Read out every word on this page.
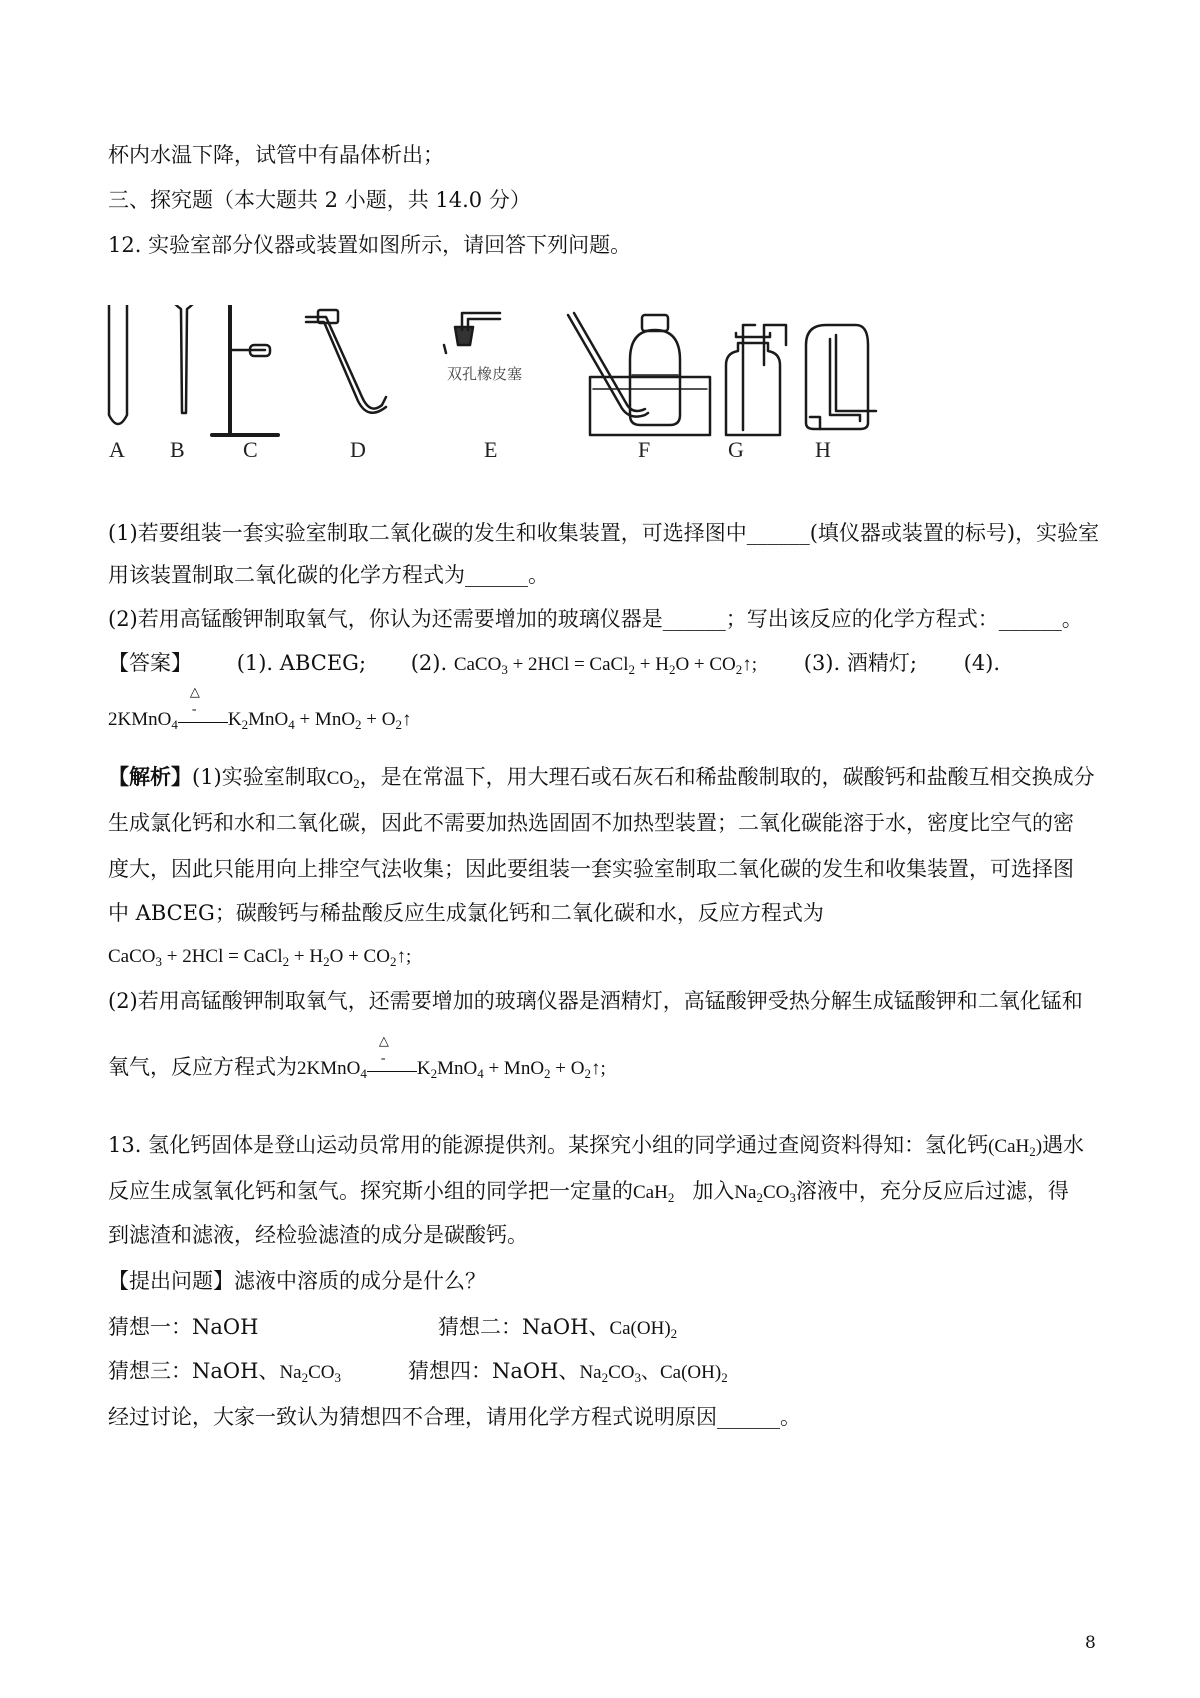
杯内水温下降，试管中有晶体析出；
三、探究题（本大题共 2 小题，共 14.0 分）
12. 实验室部分仪器或装置如图所示，请回答下列问题。
双孔橡皮塞
A B	C	D	E	F	G	H
(1)若要组装一套实验室制取二氧化碳的发生和收集装置，可选择图中______(填仪器或装置的标号)，实验室
用该装置制取二氧化碳的化学方程式为______。
(2)若用高锰酸钾制取氧气，你认为还需要增加的玻璃仪器是______；写出该反应的化学方程式：______。
【答案】 (1). ABCEG; (2). CaCO$_3$ + 2HCl = CaCl$_2$ + $H_2O$ + $CO_2↑$; (3). 酒精灯; (4).
2KMnO$_4$
△
- $K_2MnO_4 + MnO_2$ + $O_2↑$
【解析】(1)实验室制取$CO_2$，是在常温下，用大理石或石灰石和稀盐酸制取的，碳酸钙和盐酸互相交换成分
生成氯化钙和水和二氧化碳，因此不需要加热选固固不加热型装置；二氧化碳能溶于水，密度比空气的密
度大，因此只能用向上排空气法收集；因此要组装一套实验室制取二氧化碳的发生和收集装置，可选择图
中 ABCEG；碳酸钙与稀盐酸反应生成氯化钙和二氧化碳和水，反应方程式为
CaCO$_3$ + 2HCl = CaCl$_2$ + $H_2O$ + $CO_2↑$;
(2)若用高锰酸钾制取氧气，还需要增加的玻璃仪器是酒精灯，高锰酸钾受热分解生成锰酸钾和二氧化锰和
氧气，反应方程式为2KMnO$_4$
△
- $K_2MnO_4 + MnO_2$ + $O_2↑$;
13. 氢化钙固体是登山运动员常用的能源提供剂。某探究小组的同学通过查阅资料得知：氢化钙(CaH$_2$)遇水
反应生成氢氧化钙和氢气。探究斯小组的同学把一定量的CaH$_2$ 加入$Na_2CO_3$溶液中，充分反应后过滤，得
到滤渣和滤液，经检验滤渣的成分是碳酸钙。
【提出问题】滤液中溶质的成分是什么？
猜想一：NaOH	猜想二：NaOH、$Ca(OH)_2$
猜想三：NaOH、$Na_2CO_3$	猜想四：NaOH、$Na_2CO_3$、$Ca(OH)_2$
经过讨论，大家一致认为猜想四不合理，请用化学方程式说明原因______。
8
